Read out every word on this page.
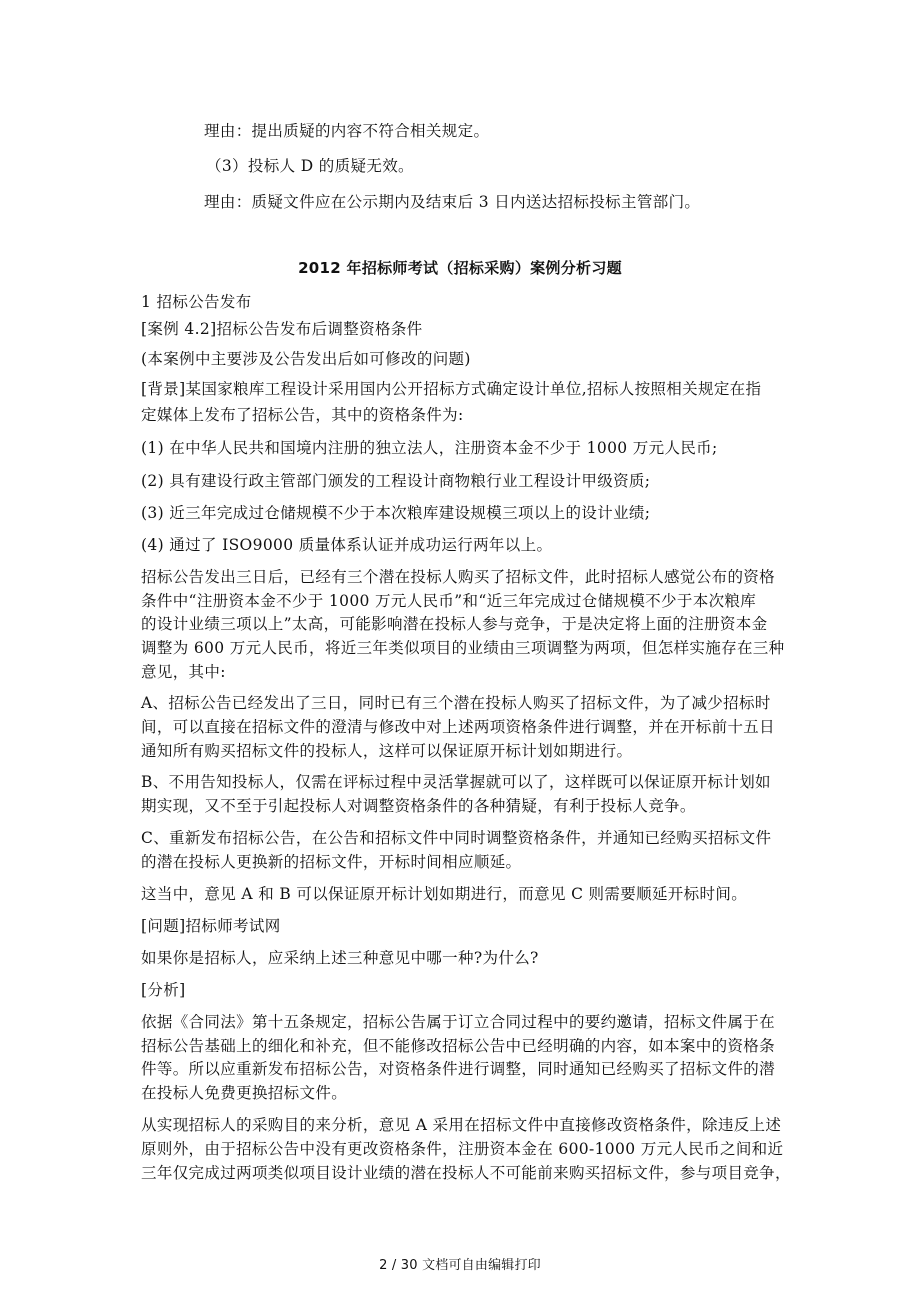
理由：提出质疑的内容不符合相关规定。
（3）投标人 D 的质疑无效。
理由：质疑文件应在公示期内及结束后 3 日内送达招标投标主管部门。
2012 年招标师考试（招标采购）案例分析习题
1 招标公告发布
[案例 4.2]招标公告发布后调整资格条件
(本案例中主要涉及公告发出后如可修改的问题)
[背景]某国家粮库工程设计采用国内公开招标方式确定设计单位,招标人按照相关规定在指
定媒体上发布了招标公告，其中的资格条件为:
(1) 在中华人民共和国境内注册的独立法人，注册资本金不少于 1000 万元人民币;
(2) 具有建设行政主管部门颁发的工程设计商物粮行业工程设计甲级资质;
(3) 近三年完成过仓储规模不少于本次粮库建设规模三项以上的设计业绩;
(4) 通过了 ISO9000 质量体系认证并成功运行两年以上。
招标公告发出三日后，已经有三个潜在投标人购买了招标文件，此时招标人感觉公布的资格
条件中“注册资本金不少于 1000 万元人民币”和“近三年完成过仓储规模不少于本次粮库
的设计业绩三项以上”太高，可能影响潜在投标人参与竞争，于是决定将上面的注册资本金
调整为 600 万元人民币，将近三年类似项目的业绩由三项调整为两项，但怎样实施存在三种
意见，其中:
A、招标公告已经发出了三日，同时已有三个潜在投标人购买了招标文件，为了减少招标时
间，可以直接在招标文件的澄清与修改中对上述两项资格条件进行调整，并在开标前十五日
通知所有购买招标文件的投标人，这样可以保证原开标计划如期进行。
B、不用告知投标人，仅需在评标过程中灵活掌握就可以了，这样既可以保证原开标计划如
期实现，又不至于引起投标人对调整资格条件的各种猜疑，有利于投标人竞争。
C、重新发布招标公告，在公告和招标文件中同时调整资格条件，并通知已经购买招标文件
的潜在投标人更换新的招标文件，开标时间相应顺延。
这当中，意见 A 和 B 可以保证原开标计划如期进行，而意见 C 则需要顺延开标时间。
[问题]招标师考试网
如果你是招标人，应采纳上述三种意见中哪一种?为什么?
[分析]
依据《合同法》第十五条规定，招标公告属于订立合同过程中的要约邀请，招标文件属于在
招标公告基础上的细化和补充，但不能修改招标公告中已经明确的内容，如本案中的资格条
件等。所以应重新发布招标公告，对资格条件进行调整，同时通知已经购买了招标文件的潜
在投标人免费更换招标文件。
从实现招标人的采购目的来分析，意见 A 采用在招标文件中直接修改资格条件，除违反上述
原则外，由于招标公告中没有更改资格条件，注册资本金在 600-1000 万元人民币之间和近
三年仅完成过两项类似项目设计业绩的潜在投标人不可能前来购买招标文件，参与项目竞争，
2 / 30 文档可自由编辑打印
